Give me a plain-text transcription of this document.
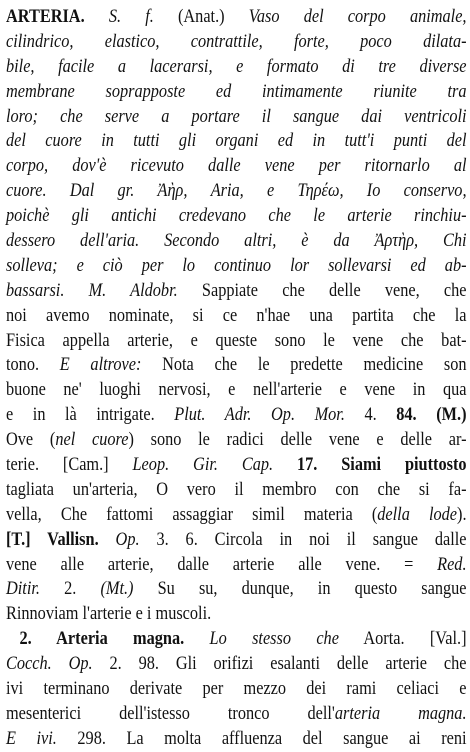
ARTERIA. S. f. (Anat.) Vaso del corpo animale,
cilindrico, elastico, contrattile, forte, poco dilata-
bile, facile a lacerarsi, e formato di tre diverse
membrane soprapposte ed intimamente riunite tra
loro; che serve a portare il sangue dai ventricoli
del cuore in tutti gli organi ed in tutt'i punti del
corpo, dov'è ricevuto dalle vene per ritornarlo al
cuore. Dal gr. Ἀὴρ, Aria, e Τηρέω, Io conservo,
poichè gli antichi credevano che le arterie rinchiu-
dessero dell'aria. Secondo altri, è da Ἀρτὴρ, Chi
solleva; e ciò per lo continuo lor sollevarsi ed ab-
bassarsi. M. Aldobr. Sappiate che delle vene, che
noi avemo nominate, si ce n'hae una partita che la
Fisica appella arterie, e queste sono le vene che bat-
tono. E altrove: Nota che le predette medicine son
buone ne' luoghi nervosi, e nell'arterie e vene in qua
e in là intrigate. Plut. Adr. Op. Mor. 4. 84. (M.)
Ove (nel cuore) sono le radici delle vene e delle ar-
terie. [Cam.] Leop. Gir. Cap. 17. Siami piuttosto
tagliata un'arteria, O vero il membro con che si fa-
vella, Che fattomi assaggiar simil materia (della lode).
[T.] Vallisn. Op. 3. 6. Circola in noi il sangue dalle
vene alle arterie, dalle arterie alle vene. = Red.
Ditir. 2. (Mt.) Su su, dunque, in questo sangue
Rinnoviam l'arterie e i muscoli.
2. Arteria magna. Lo stesso che Aorta. [Val.]
Cocch. Op. 2. 98. Gli orifizi esalanti delle arterie che
ivi terminano derivate per mezzo dei rami celiaci e
mesenterici dell'istesso tronco dell'arteria magna.
E ivi. 298. La molta affluenza del sangue ai reni
